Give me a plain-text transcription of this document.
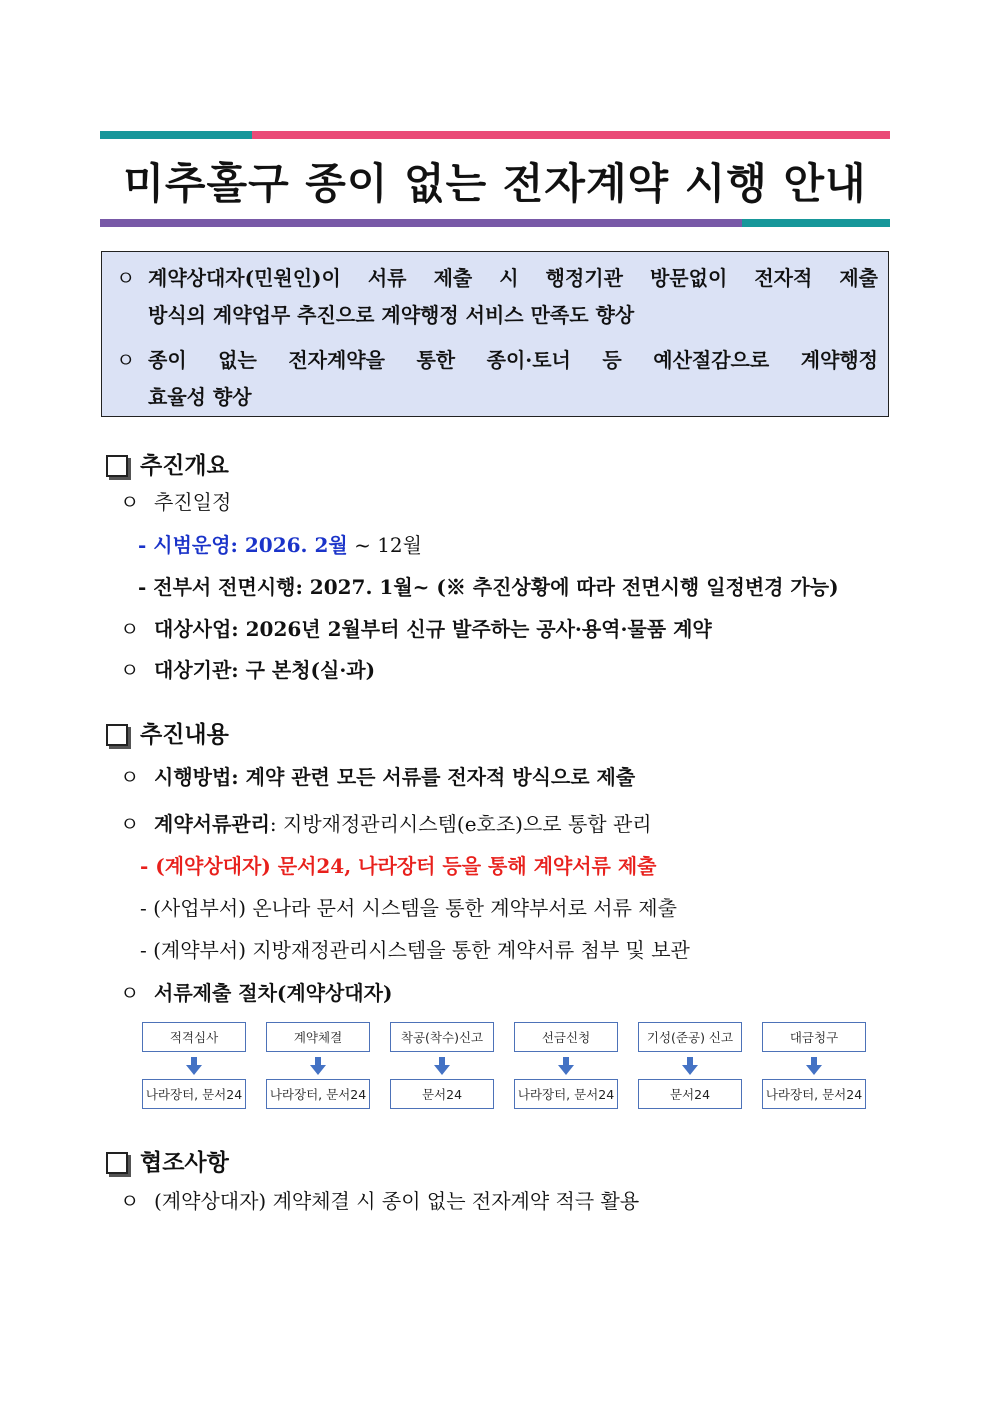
미추홀구 종이 없는 전자계약 시행 안내
ㅇ 계약상대자(민원인)이 서류 제출 시 행정기관 방문없이 전자적 제출
방식의 계약업무 추진으로 계약행정 서비스 만족도 향상
ㅇ 종이 없는 전자계약을 통한 종이·토너 등 예산절감으로 계약행정
효율성 향상
추진개요
ㅇ 추진일정
- 시범운영: 2026. 2월 ~ 12월
- 전부서 전면시행: 2027. 1월~ (※ 추진상황에 따라 전면시행 일정변경 가능)
ㅇ 대상사업: 2026년 2월부터 신규 발주하는 공사·용역·물품 계약
ㅇ 대상기관: 구 본청(실·과)
추진내용
ㅇ 시행방법: 계약 관련 모든 서류를 전자적 방식으로 제출
ㅇ 계약서류관리: 지방재정관리시스템(e호조)으로 통합 관리
- (계약상대자) 문서24, 나라장터 등을 통해 계약서류 제출
- (사업부서) 온나라 문서 시스템을 통한 계약부서로 서류 제출
- (계약부서) 지방재정관리시스템을 통한 계약서류 첨부 및 보관
ㅇ 서류제출 절차(계약상대자)
적격심사	계약체결	착공(착수)신고	선금신청	기성(준공) 신고	대금청구
나라장터, 문서24	나라장터, 문서24	문서24	나라장터, 문서24	문서24	나라장터, 문서24
협조사항
ㅇ (계약상대자) 계약체결 시 종이 없는 전자계약 적극 활용
